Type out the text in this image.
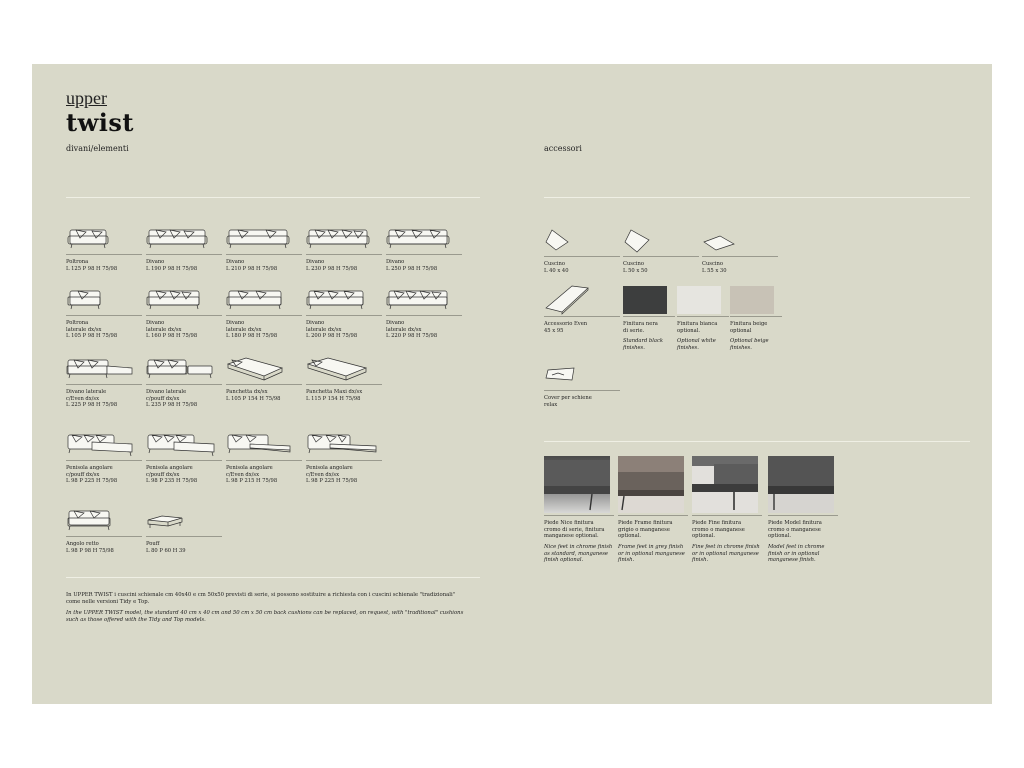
upper
twist
divani/elementi	accessori
Poltrona
L 125 P 98 H 75/98
Divano
L 190 P 98 H 75/98
Divano
L 210 P 98 H 75/98
Divano
L 230 P 98 H 75/98
Divano
L 250 P 98 H 75/98
Poltrona
laterale dx/sx
L 105 P 98 H 75/98
Divano
laterale dx/sx
L 160 P 98 H 75/98
Divano
laterale dx/sx
L 180 P 98 H 75/98
Divano
laterale dx/sx
L 200 P 98 H 75/98
Divano
laterale dx/sx
L 220 P 98 H 75/98
Divano laterale
c/Even dx/sx
L 225 P 98 H 75/98
Divano laterale
c/pouff dx/sx
L 235 P 98 H 75/98
Panchetta dx/sx
L 105 P 154 H 75/98
Panchetta Maxi dx/sx
L 115 P 154 H 75/98
Penisola angolare
c/pouff dx/sx
L 98 P 225 H 75/98
Penisola angolare
c/pouff dx/sx
L 98 P 235 H 75/98
Penisola angolare
c/Even dx/sx
L 98 P 215 H 75/98
Penisola angolare
c/Even dx/sx
L 98 P 225 H 75/98
Angolo retto
L 98 P 98 H 75/98
Pouff
L 80 P 60 H 39
In UPPER TWIST i cuscini schienale cm 40x40 e cm 50x50 previsti di serie, si possono sostituire a richiesta con i cuscini schienale "tradizionali" come nelle versioni Tidy e Top.
In the UPPER TWIST model, the standard 40 cm x 40 cm and 50 cm x 50 cm back cushions can be replaced, on request, with "traditional" cushions such as those offered with the Tidy and Top models.
Cuscino
L 40 x 40
Cuscino
L 50 x 50
Cuscino
L 55 x 30
Accessorio Even
45 x 95
Finitura nera
di serie.
Standard black
finishes.
Finitura bianca
optional.
Optional white
finishes.
Finitura beige
optional
Optional beige
finishes.
Cover per schiene
relax
Piede Nice finitura
cromo di serie, finitura
manganese optional.
Nice feet in chrome finish
as standard, manganese
finish optional.
Piede Frame finitura
grigio o manganese
optional.
Frame feet in grey finish
or in optional manganese
finish.
Piede Fine finitura
cromo o manganese
optional.
Fine feet in chrome finish
or in optional manganese
finish.
Piede Model finitura
cromo o manganese
optional.
Model feet in chrome
finish or in optional
manganese finish.
